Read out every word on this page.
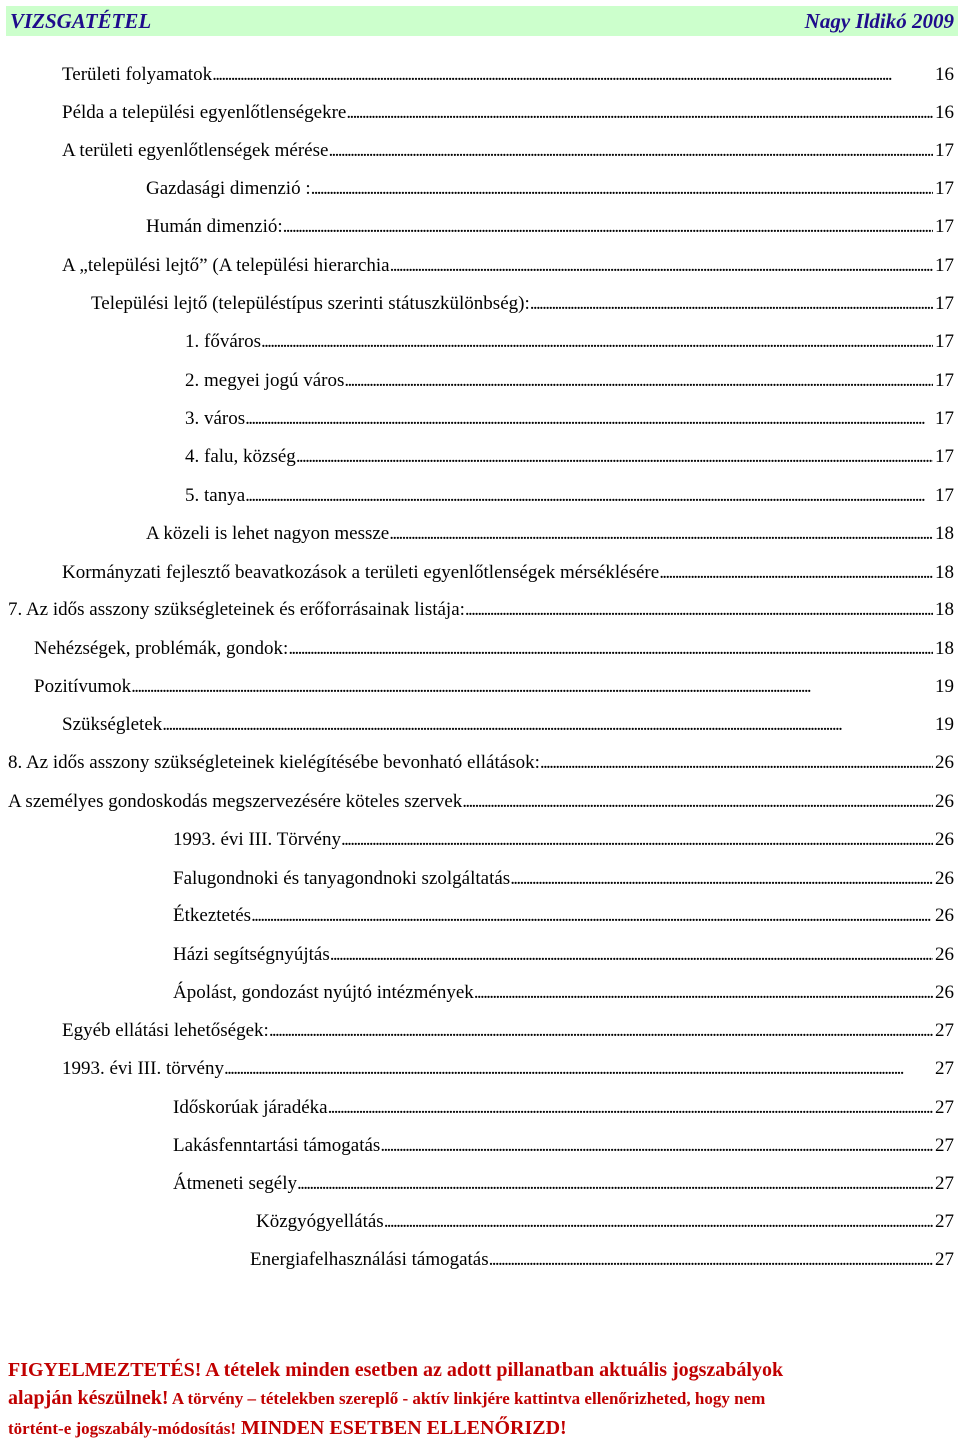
VIZSGATÉTEL	Nagy Ildikó 2009
Területi folyamatok . . .	16
Példa a települési egyenlőtlenségekre . . .	16
A területi egyenlőtlenségek mérése . . .	17
Gazdasági dimenzió : . . .	17
Humán dimenzió: . . .	17
A „települési lejtő” (A települési hierarchia . . .	17
Települési lejtő (településtípus szerinti státuszkülönbség): . . .	17
1. főváros . . .	17
2. megyei jogú város . . .	17
3. város . . .	17
4. falu, község . . .	17
5. tanya . . .	17
A közeli is lehet nagyon messze . . .	18
Kormányzati fejlesztő beavatkozások a területi egyenlőtlenségek mérséklésére . . .	18
7. Az idős asszony szükségleteinek és erőforrásainak listája: . . .	18
Nehézségek, problémák, gondok: . . .	18
Pozitívumok . . .	19
Szükségletek . . .	19
8. Az idős asszony szükségleteinek kielégítésébe bevonható ellátások: . . .	26
A személyes gondoskodás megszervezésére köteles szervek . . .	26
1993. évi III. Törvény . . .	26
Falugondnoki és tanyagondnoki szolgáltatás . . .	26
Étkeztetés . . .	26
Házi segítségnyújtás . . .	26
Ápolást, gondozást nyújtó intézmények . . .	26
Egyéb ellátási lehetőségek: . . .	27
1993. évi III. törvény . . .	27
Időskorúak járadéka . . .	27
Lakásfenntartási támogatás . . .	27
Átmeneti segély . . .	27
Közgyógyellátás . . .	27
Energiafelhasználási támogatás . . .	27

FIGYELMEZTETÉS! A tételek minden esetben az adott pillanatban aktuális jogszabályok

alapján készülnek! A törvény – tételekben szereplő - aktív linkjére kattintva ellenőrizheted, hogy nem

történt-e jogszabály-módosítás! MINDEN ESETBEN ELLENŐRIZD!
